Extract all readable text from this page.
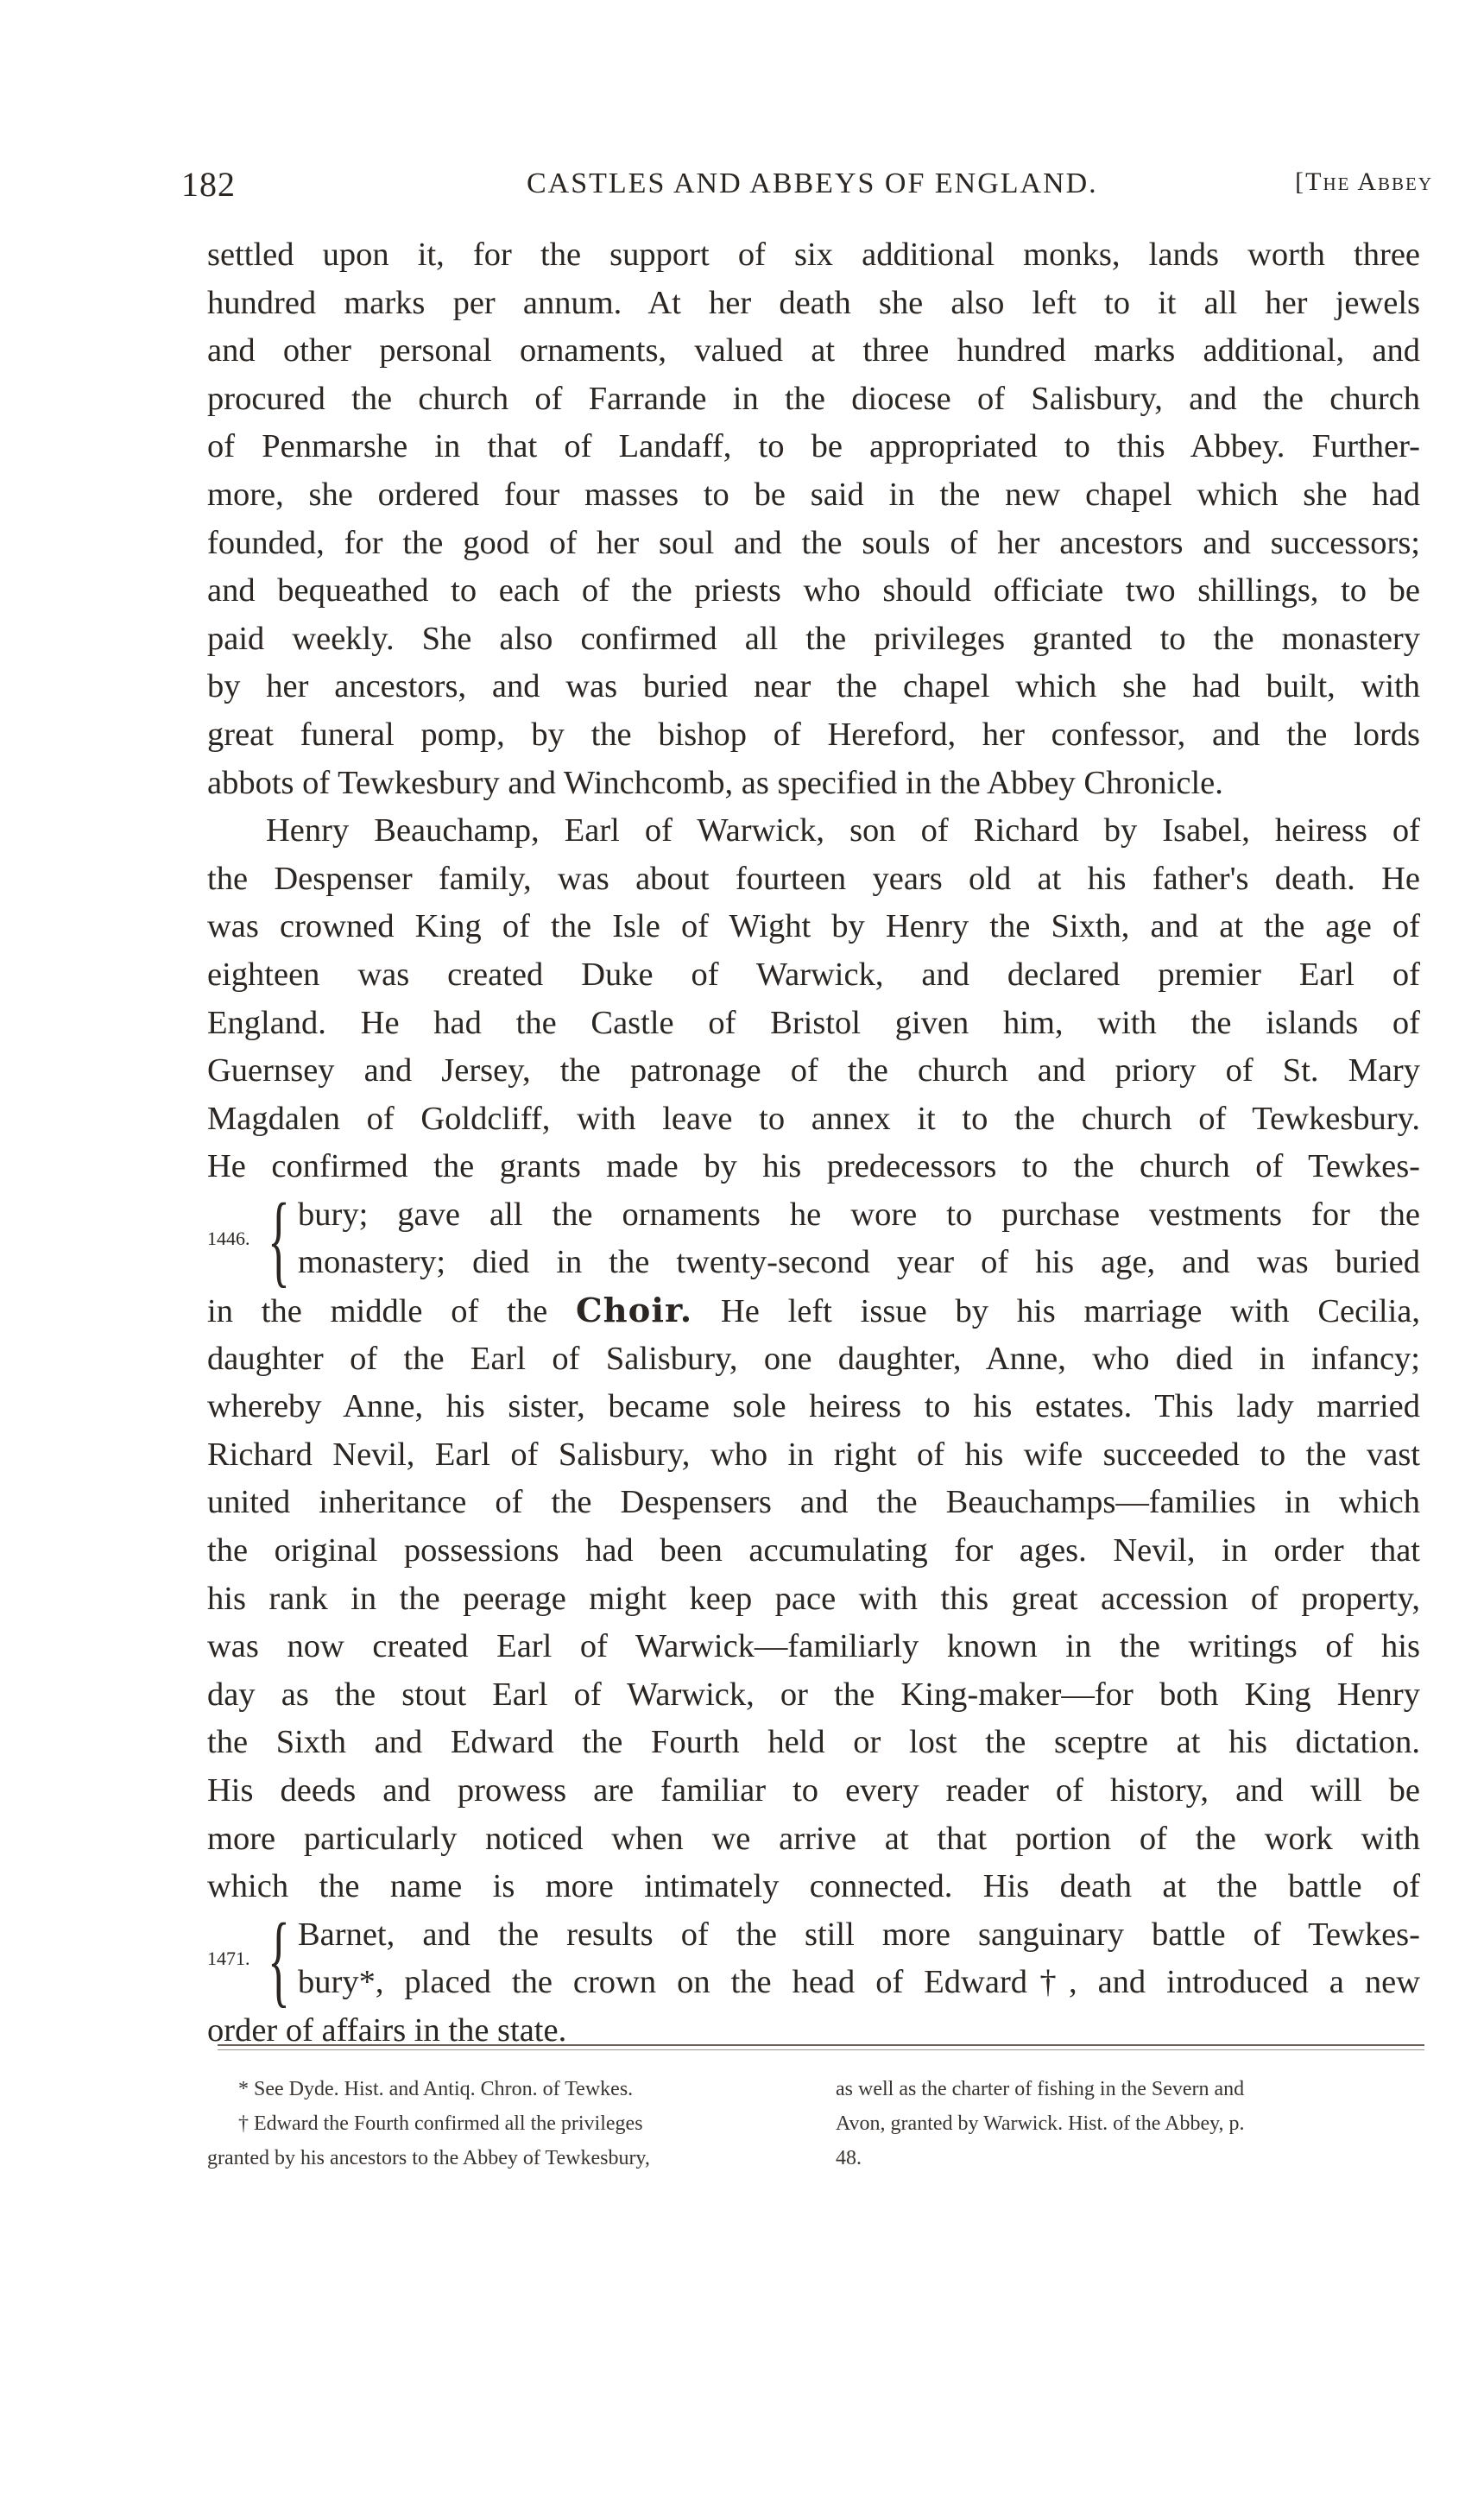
182	CASTLES AND ABBEYS OF ENGLAND.	[The Abbey
settled upon it, for the support of six additional monks, lands worth three
hundred marks per annum. At her death she also left to it all her jewels
and other personal ornaments, valued at three hundred marks additional, and
procured the church of Farrande in the diocese of Salisbury, and the church
of Penmarshe in that of Landaff, to be appropriated to this Abbey. Further-
more, she ordered four masses to be said in the new chapel which she had
founded, for the good of her soul and the souls of her ancestors and successors;
and bequeathed to each of the priests who should officiate two shillings, to be
paid weekly. She also confirmed all the privileges granted to the monastery
by her ancestors, and was buried near the chapel which she had built, with
great funeral pomp, by the bishop of Hereford, her confessor, and the lords
abbots of Tewkesbury and Winchcomb, as specified in the Abbey Chronicle.
Henry Beauchamp, Earl of Warwick, son of Richard by Isabel, heiress of
the Despenser family, was about fourteen years old at his father's death. He
was crowned King of the Isle of Wight by Henry the Sixth, and at the age of
eighteen was created Duke of Warwick, and declared premier Earl of
England. He had the Castle of Bristol given him, with the islands of
Guernsey and Jersey, the patronage of the church and priory of St. Mary
Magdalen of Goldcliff, with leave to annex it to the church of Tewkesbury.
He confirmed the grants made by his predecessors to the church of Tewkes-
1446. { bury; gave all the ornaments he wore to purchase vestments for the
monastery; died in the twenty-second year of his age, and was buried
in the middle of the Choir. He left issue by his marriage with Cecilia,
daughter of the Earl of Salisbury, one daughter, Anne, who died in infancy;
whereby Anne, his sister, became sole heiress to his estates. This lady married
Richard Nevil, Earl of Salisbury, who in right of his wife succeeded to the vast
united inheritance of the Despensers and the Beauchamps—families in which
the original possessions had been accumulating for ages. Nevil, in order that
his rank in the peerage might keep pace with this great accession of property,
was now created Earl of Warwick—familiarly known in the writings of his
day as the stout Earl of Warwick, or the King-maker—for both King Henry
the Sixth and Edward the Fourth held or lost the sceptre at his dictation.
His deeds and prowess are familiar to every reader of history, and will be
more particularly noticed when we arrive at that portion of the work with
which the name is more intimately connected. His death at the battle of
1471. { Barnet, and the results of the still more sanguinary battle of Tewkes-
bury*, placed the crown on the head of Edward†, and introduced a new
order of affairs in the state.
* See Dyde. Hist. and Antiq. Chron. of Tewkes.
† Edward the Fourth confirmed all the privileges
granted by his ancestors to the Abbey of Tewkesbury,
as well as the charter of fishing in the Severn and
Avon, granted by Warwick. Hist. of the Abbey, p.
48.
